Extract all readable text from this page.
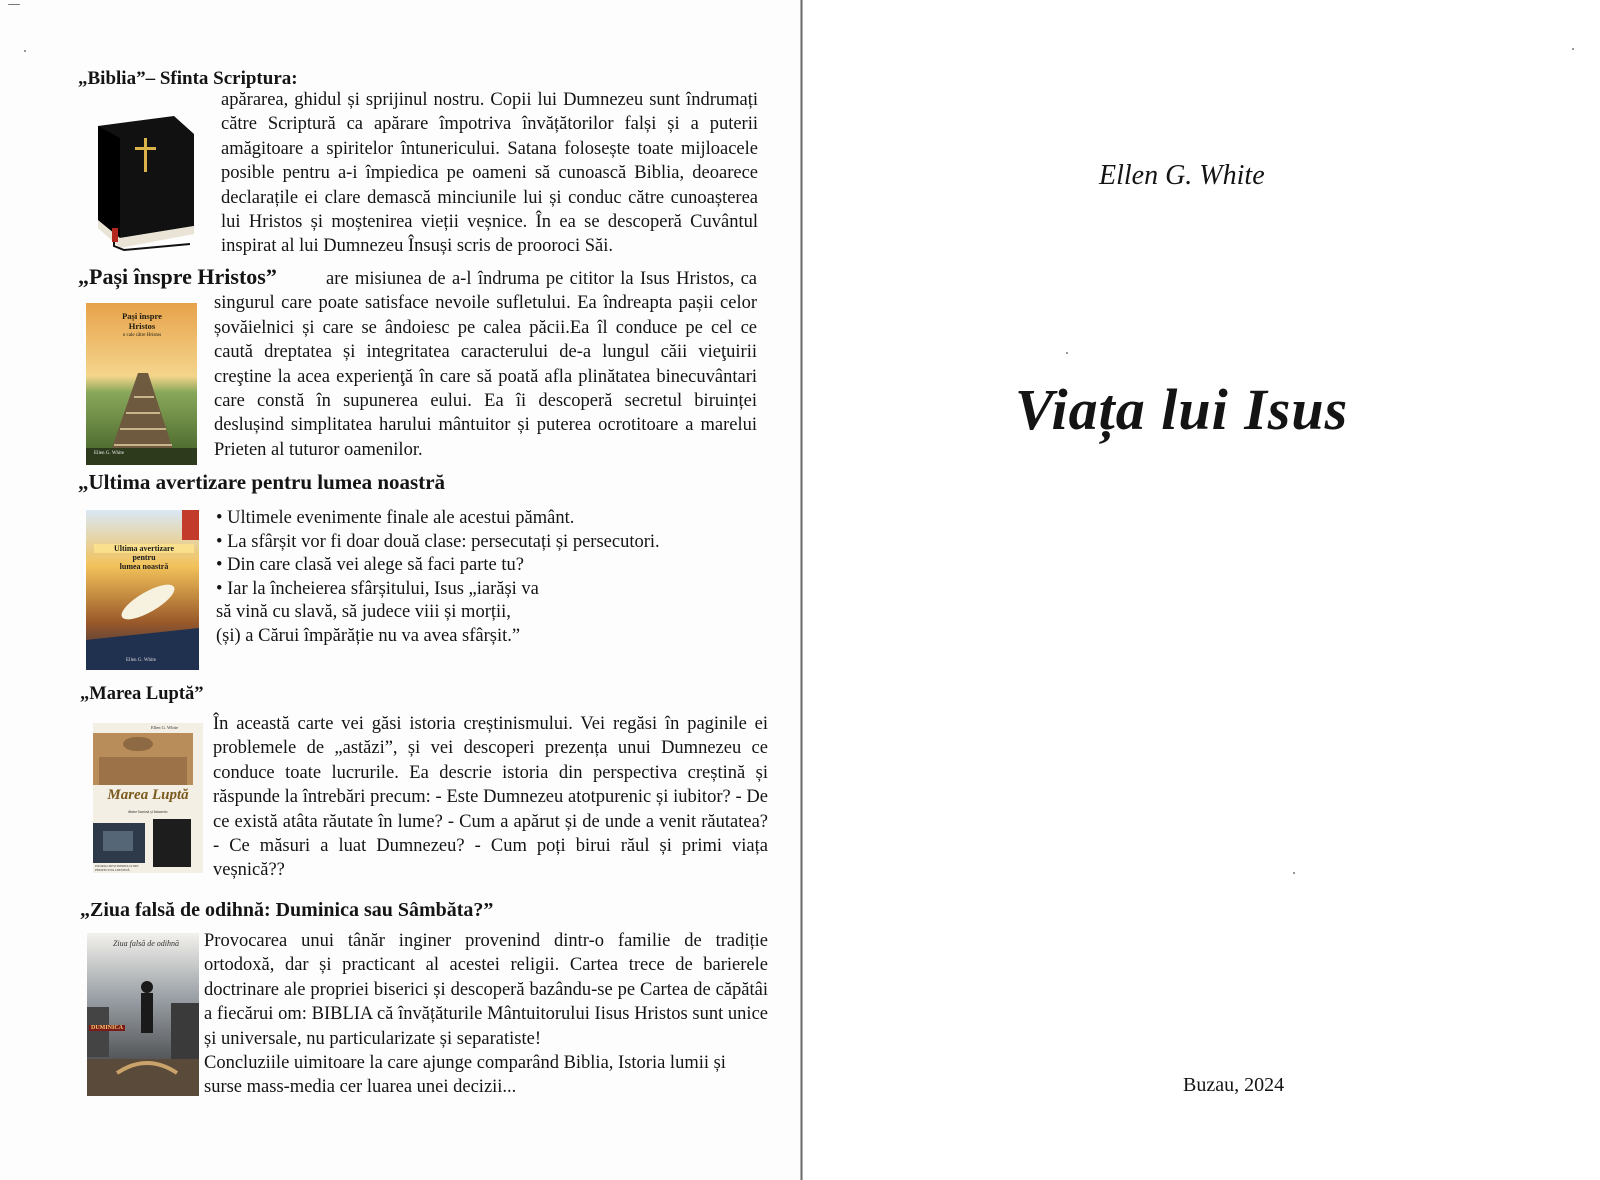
„Biblia”– Sfinta Scriptura:

apărarea, ghidul și sprijinul nostru. Copii lui Dumnezeu sunt îndrumați către Scriptură ca apărare împotriva învățătorilor falși și a puterii amăgitoare a spiritelor întunericului. Satana folosește toate mijloacele posible pentru a-i împiedica pe oameni să cunoască Biblia, deoarece declarațile ei clare demască minciunile lui și conduc către cunoașterea lui Hristos și moștenirea vieții veșnice. În ea se descoperă Cuvântul inspirat al lui Dumnezeu Însuși scris de prooroci Săi.

„Pași înspre Hristos”
Pași înspre
Hristos
o cale către Hristos
Ellen G. White

are misiunea de a-l îndruma pe cititor la Isus Hristos, ca singurul care poate satisface nevoile sufletului. Ea îndreapta pașii celor șovăielnici și care se ândoiesc pe calea păcii.Ea îl conduce pe cel ce caută dreptatea și integritatea caracterului de-a lungul căii vieţuirii creştine la acea experienţă în care să poată afla plinătatea binecuvântari care constă în supunerea eului. Ea îi descoperă secretul biruinței deslușind simplitatea harului mântuitor și puterea ocrotitoare a marelui Prieten al tuturor oamenilor.

„Ultima avertizare pentru lumea noastră
Ultima avertizare
pentru
lumea noastră
Ellen G. White
• Ultimele evenimente finale ale acestui pământ.
• La sfârșit vor fi doar două clase: persecutați și persecutori.
• Din care clasă vei alege să faci parte tu?
• Iar la încheierea sfârșitului, Isus „iarăși va
să vină cu slavă, să judece viii și morții,
(și) a Cărui împărăție nu va avea sfârșit.”
„Marea Luptă”
Ellen G. White
Marea Luptă
dintre lumină și întuneric
ISTORIA CREȘTINISMULUI DIN PERSPECTIVA CREȘTINĂ

În această carte vei găsi istoria creștinismului. Vei regăsi în paginile ei problemele de „astăzi”, și vei descoperi prezența unui Dumnezeu ce conduce toate lucrurile. Ea descrie istoria din perspectiva creștină și răspunde la întrebări precum: - Este Dumnezeu atotpurenic și iubitor? - De ce există atâta răutate în lume? - Cum a apărut și de unde a venit răutatea? - Ce măsuri a luat Dumnezeu? - Cum poți birui răul și primi viața veșnică??

„Ziua falsă de odihnă: Duminica sau Sâmbăta?”
Ziua falsă de odihnă
DUMINICA

Provocarea unui tânăr inginer provenind dintr-o familie de tradiție ortodoxă, dar și practicant al acestei religii. Cartea trece de barierele doctrinare ale propriei biserici și descoperă bazându-se pe Cartea de căpătâi a fiecărui om: BIBLIA că învățăturile Mântuitorului Iisus Hristos sunt unice și universale, nu particularizate și separatiste!

Concluziile uimitoare la care ajunge comparând Biblia, Istoria lumii și surse mass-media cer luarea unei decizii...

Ellen G. White
Viața lui Isus
Buzau, 2024
